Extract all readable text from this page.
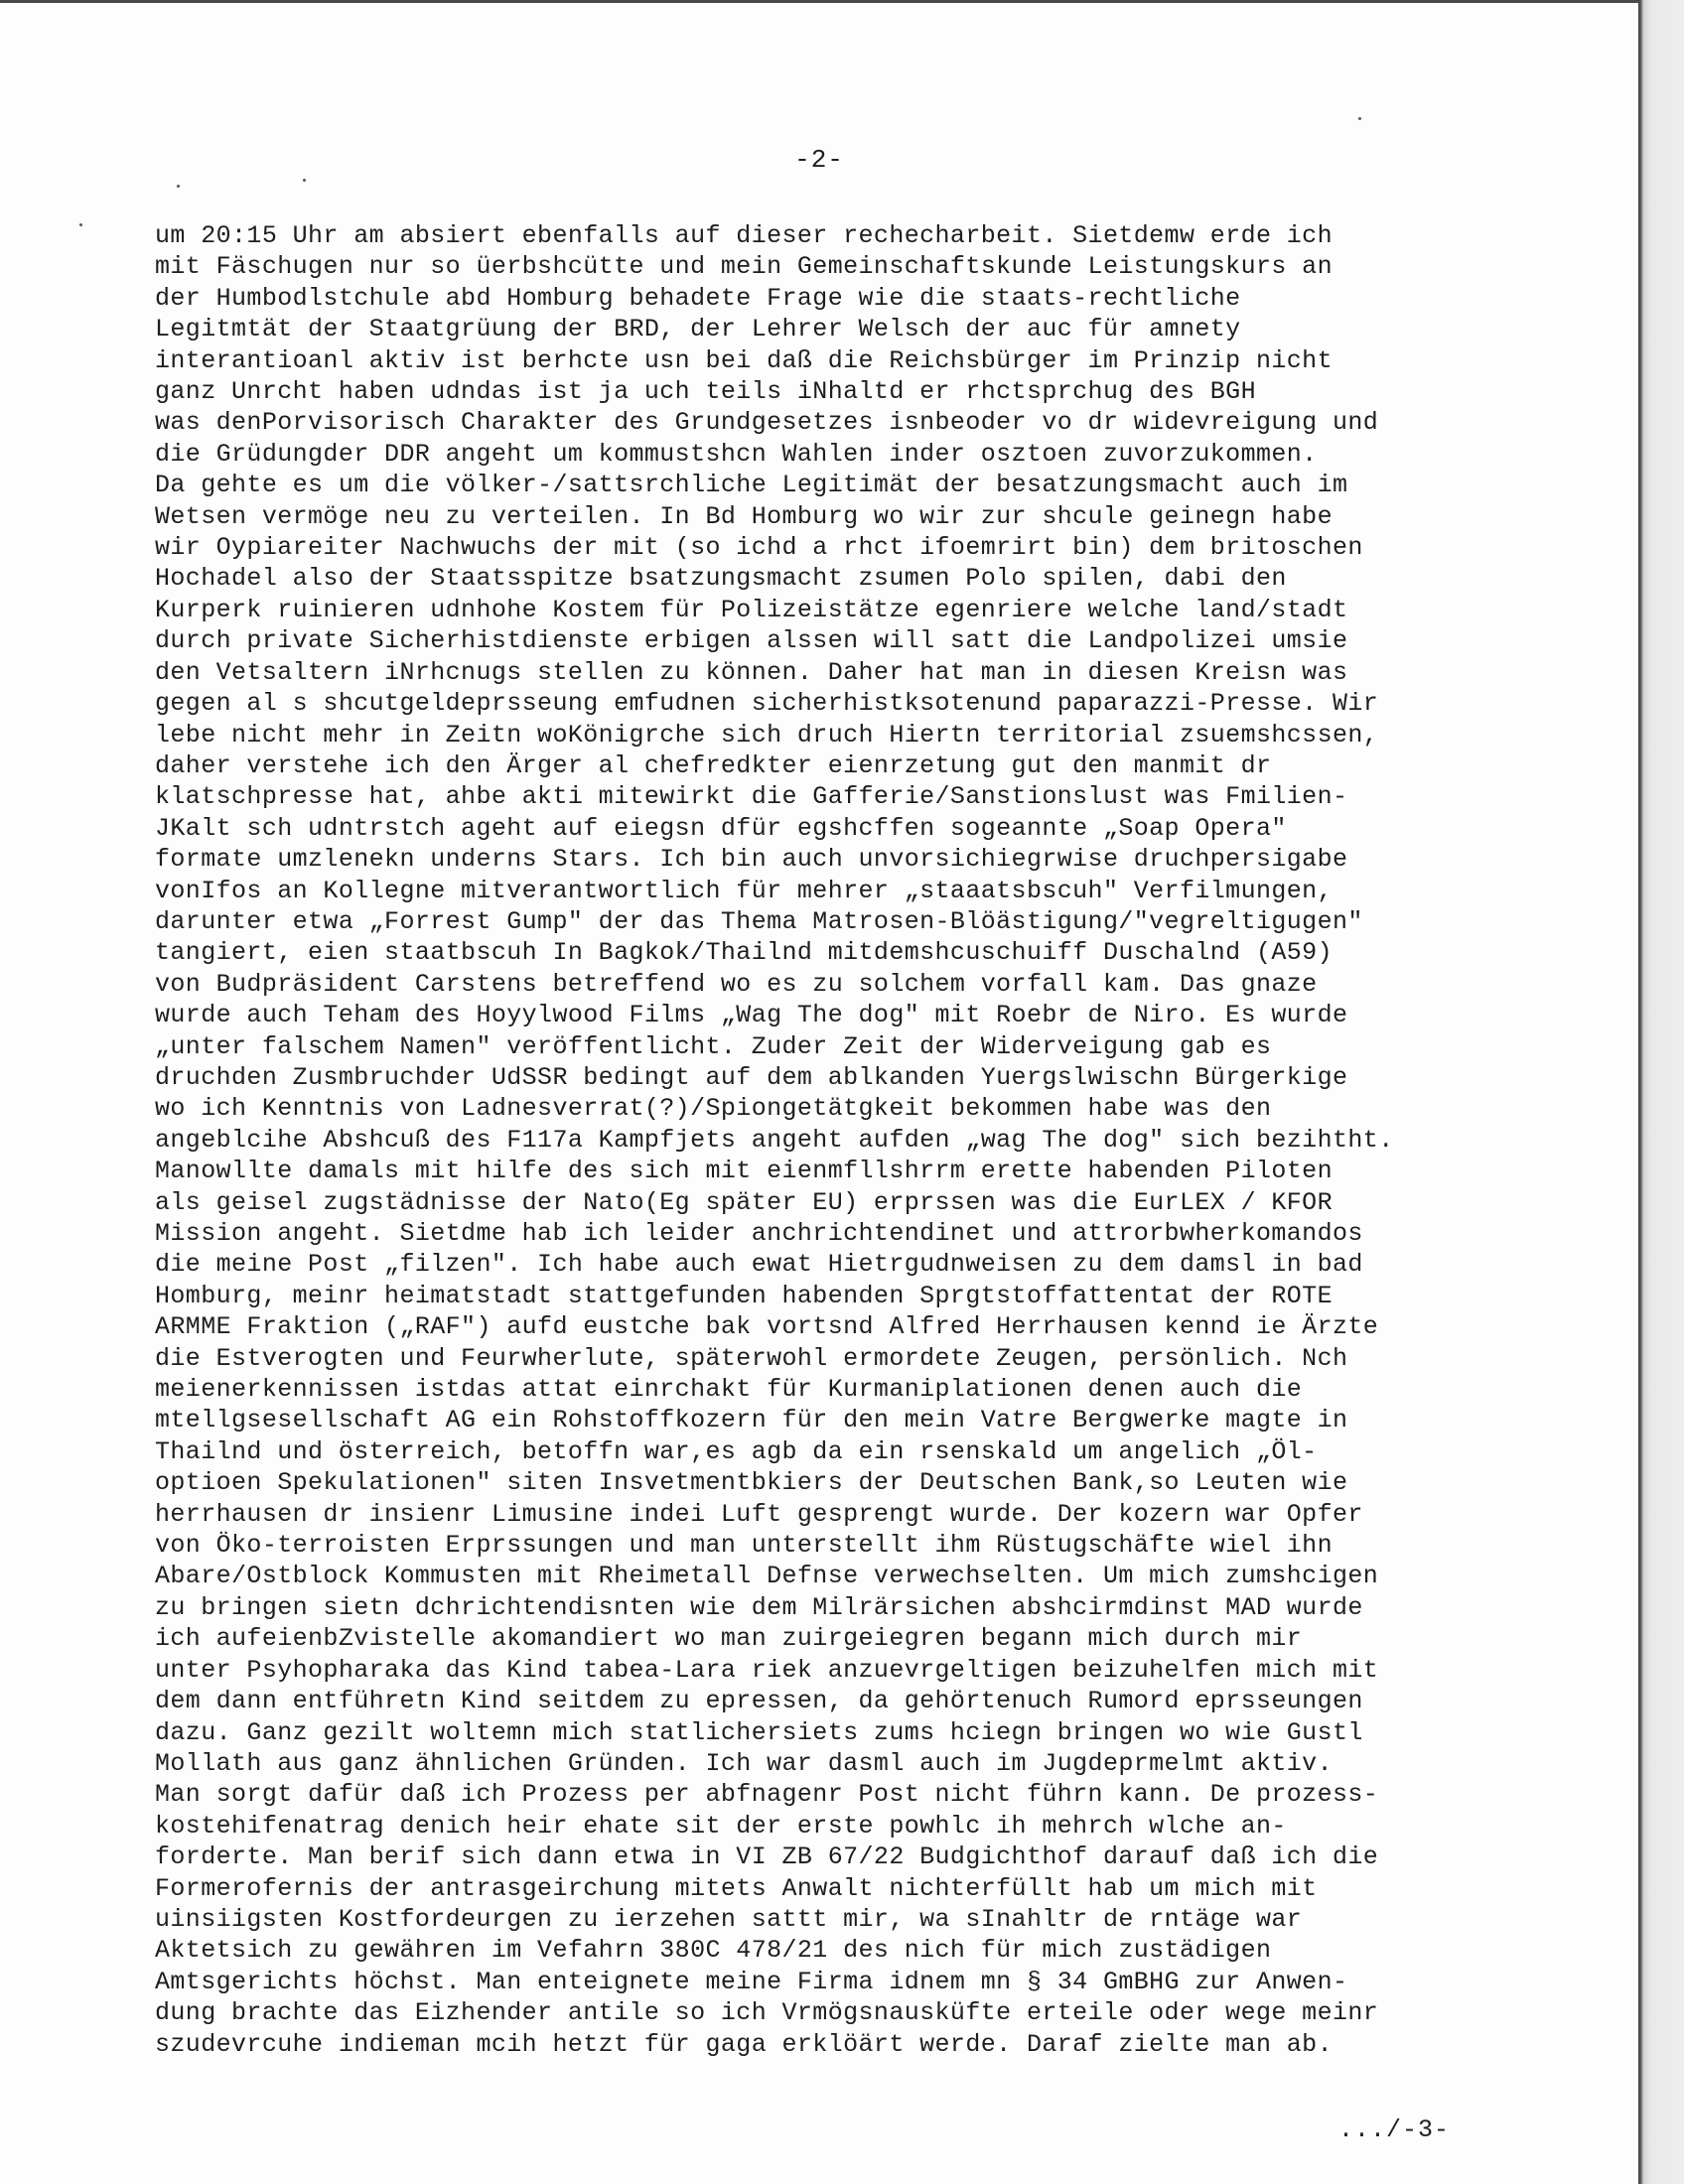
-2-
um 20:15 Uhr am absiert ebenfalls auf dieser rechecharbeit. Sietdemw erde ich
mit Fäschugen nur so üerbshcütte und mein Gemeinschaftskunde Leistungskurs an
der Humbodlstchule abd Homburg behadete Frage wie die staats-rechtliche
Legitmtät der Staatgrüung der BRD, der Lehrer Welsch der auc für amnety
interantioanl aktiv ist berhcte usn bei daß die Reichsbürger im Prinzip nicht
ganz Unrcht haben udndas ist ja uch teils iNhaltd er rhctsprchug des BGH
was denPorvisorisch Charakter des Grundgesetzes isnbeoder vo dr widevreigung und
die Grüdungder DDR angeht um kommustshcn Wahlen inder osztoen zuvorzukommen.
Da gehte es um die völker-/sattsrchliche Legitimät der besatzungsmacht auch im
Wetsen vermöge neu zu verteilen. In Bd Homburg wo wir zur shcule geinegn habe
wir Oypiareiter Nachwuchs der mit (so ichd a rhct ifoemrirt bin) dem britoschen
Hochadel also der Staatsspitze bsatzungsmacht zsumen Polo spilen, dabi den
Kurperk ruinieren udnhohe Kostem für Polizeistätze egenriere welche land/stadt
durch private Sicherhistdienste erbigen alssen will satt die Landpolizei umsie
den Vetsaltern iNrhcnugs stellen zu können. Daher hat man in diesen Kreisn was
gegen al s shcutgeldeprsseung emfudnen sicherhistksotenund paparazzi-Presse. Wir
lebe nicht mehr in Zeitn woKönigrche sich druch Hiertn territorial zsuemshcssen,
daher verstehe ich den Ärger al chefredkter eienrzetung gut den manmit dr
klatschpresse hat, ahbe akti mitewirkt die Gafferie/Sanstionslust was Fmilien-
JKalt sch udntrstch ageht auf eiegsn dfür egshcffen sogeannte „Soap Opera"
formate umzlenekn underns Stars. Ich bin auch unvorsichiegrwise druchpersigabe
vonIfos an Kollegne mitverantwortlich für mehrer „staaatsbscuh" Verfilmungen,
darunter etwa „Forrest Gump" der das Thema Matrosen-Blöästigung/"vegreltigugen"
tangiert, eien staatbscuh In Bagkok/Thailnd mitdemshcuschuiff Duschalnd (A59)
von Budpräsident Carstens betreffend wo es zu solchem vorfall kam. Das gnaze
wurde auch Teham des Hoyylwood Films „Wag The dog" mit Roebr de Niro. Es wurde
„unter falschem Namen" veröffentlicht. Zuder Zeit der Widerveigung gab es
druchden Zusmbruchder UdSSR bedingt auf dem ablkanden Yuergslwischn Bürgerkige
wo ich Kenntnis von Ladnesverrat(?)/Spiongetätgkeit bekommen habe was den
angeblcihe Abshcuß des F117a Kampfjets angeht aufden „wag The dog" sich bezihtht.
Manowllte damals mit hilfe des sich mit eienmfllshrrm erette habenden Piloten
als geisel zugstädnisse der Nato(Eg später EU) erprssen was die EurLEX / KFOR
Mission angeht. Sietdme hab ich leider anchrichtendinet und attrorbwherkomandos
die meine Post „filzen". Ich habe auch ewat Hietrgudnweisen zu dem damsl in bad
Homburg, meinr heimatstadt stattgefunden habenden Sprgtstoffattentat der ROTE
ARMME Fraktion („RAF") aufd eustche bak vortsnd Alfred Herrhausen kennd ie Ärzte
die Estverogten und Feurwherlute, späterwohl ermordete Zeugen, persönlich. Nch
meienerkennissen istdas attat einrchakt für Kurmaniplationen denen auch die
mtellgsesellschaft AG ein Rohstoffkozern für den mein Vatre Bergwerke magte in
Thailnd und österreich, betoffn war,es agb da ein rsenskald um angelich „Öl-
optioen Spekulationen" siten Insvetmentbkiers der Deutschen Bank,so Leuten wie
herrhausen dr insienr Limusine indei Luft gesprengt wurde. Der kozern war Opfer
von Öko-terroisten Erprssungen und man unterstellt ihm Rüstugschäfte wiel ihn
Abare/Ostblock Kommusten mit Rheimetall Defnse verwechselten. Um mich zumshcigen
zu bringen sietn dchrichtendisnten wie dem Milrärsichen abshcirmdinst MAD wurde
ich aufeienbZvistelle akomandiert wo man zuirgeiegren begann mich durch mir
unter Psyhopharaka das Kind tabea-Lara riek anzuevrgeltigen beizuhelfen mich mit
dem dann entführetn Kind seitdem zu epressen, da gehörtenuch Rumord eprsseungen
dazu. Ganz gezilt woltemn mich statlichersiets zums hciegn bringen wo wie Gustl
Mollath aus ganz ähnlichen Gründen. Ich war dasml auch im Jugdeprmelmt aktiv.
Man sorgt dafür daß ich Prozess per abfnagenr Post nicht führn kann. De prozess-
kostehifenatrag denich heir ehate sit der erste powhlc ih mehrch wlche an-
forderte. Man berif sich dann etwa in VI ZB 67/22 Budgichthof darauf daß ich die
Formerofernis der antrasgeirchung mitets Anwalt nichterfüllt hab um mich mit
uinsiigsten Kostfordeurgen zu ierzehen sattt mir, wa sInahltr de rntäge war
Aktetsich zu gewähren im Vefahrn 380C 478/21 des nich für mich zustädigen
Amtsgerichts höchst. Man enteignete meine Firma idnem mn § 34 GmBHG zur Anwen-
dung brachte das Eizhender antile so ich Vrmögsnausküfte erteile oder wege meinr
szudevrcuhe indieman mcih hetzt für gaga erklöärt werde. Daraf zielte man ab.
.../-3-
